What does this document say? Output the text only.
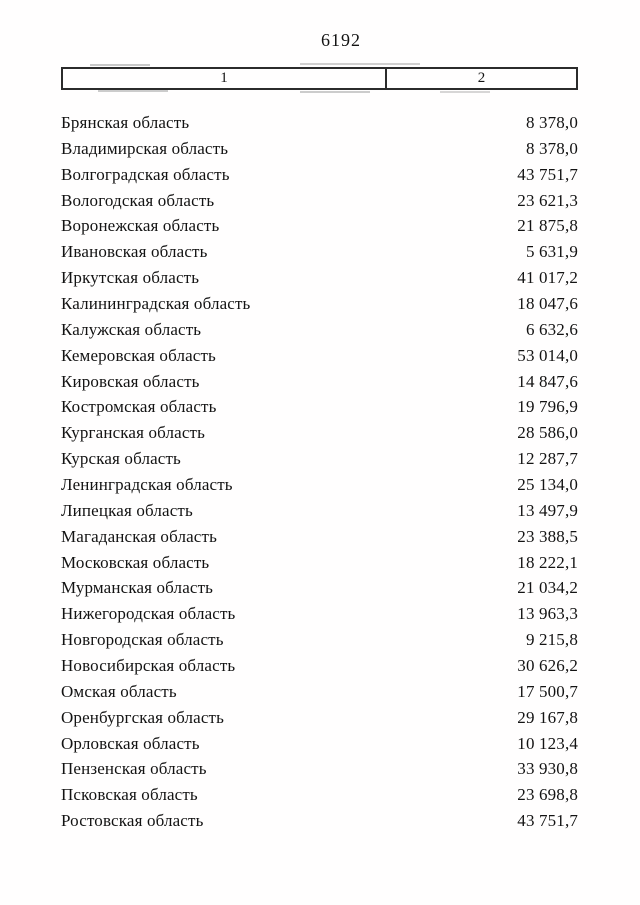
6192
1	2
Брянская область	8 378,0
Владимирская область	8 378,0
Волгоградская область	43 751,7
Вологодская область	23 621,3
Воронежская область	21 875,8
Ивановская область	5 631,9
Иркутская область	41 017,2
Калининградская область	18 047,6
Калужская область	6 632,6
Кемеровская область	53 014,0
Кировская область	14 847,6
Костромская область	19 796,9
Курганская область	28 586,0
Курская область	12 287,7
Ленинградская область	25 134,0
Липецкая область	13 497,9
Магаданская область	23 388,5
Московская область	18 222,1
Мурманская область	21 034,2
Нижегородская область	13 963,3
Новгородская область	9 215,8
Новосибирская область	30 626,2
Омская область	17 500,7
Оренбургская область	29 167,8
Орловская область	10 123,4
Пензенская область	33 930,8
Псковская область	23 698,8
Ростовская область	43 751,7
